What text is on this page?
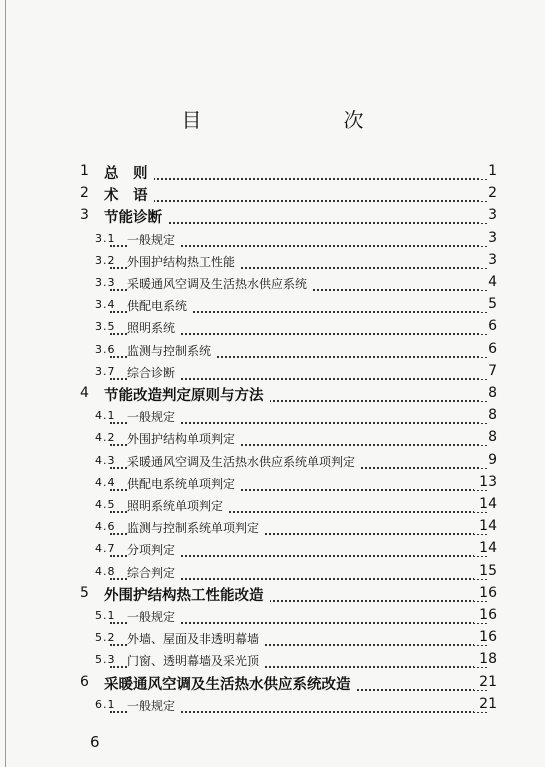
目　　次
1 总　则	1
2 术　语	2
3 节能诊断	3
3.1 一般规定	3
3.2 外围护结构热工性能	3
3.3 采暖通风空调及生活热水供应系统	4
3.4 供配电系统	5
3.5 照明系统	6
3.6 监测与控制系统	6
3.7 综合诊断	7
4 节能改造判定原则与方法	8
4.1 一般规定	8
4.2 外围护结构单项判定	8
4.3 采暖通风空调及生活热水供应系统单项判定	9
4.4 供配电系统单项判定	13
4.5 照明系统单项判定	14
4.6 监测与控制系统单项判定	14
4.7 分项判定	14
4.8 综合判定	15
5 外围护结构热工性能改造	16
5.1 一般规定	16
5.2 外墙、屋面及非透明幕墙	16
5.3 门窗、透明幕墙及采光顶	18
6 采暖通风空调及生活热水供应系统改造	21
6.1 一般规定	21
6
